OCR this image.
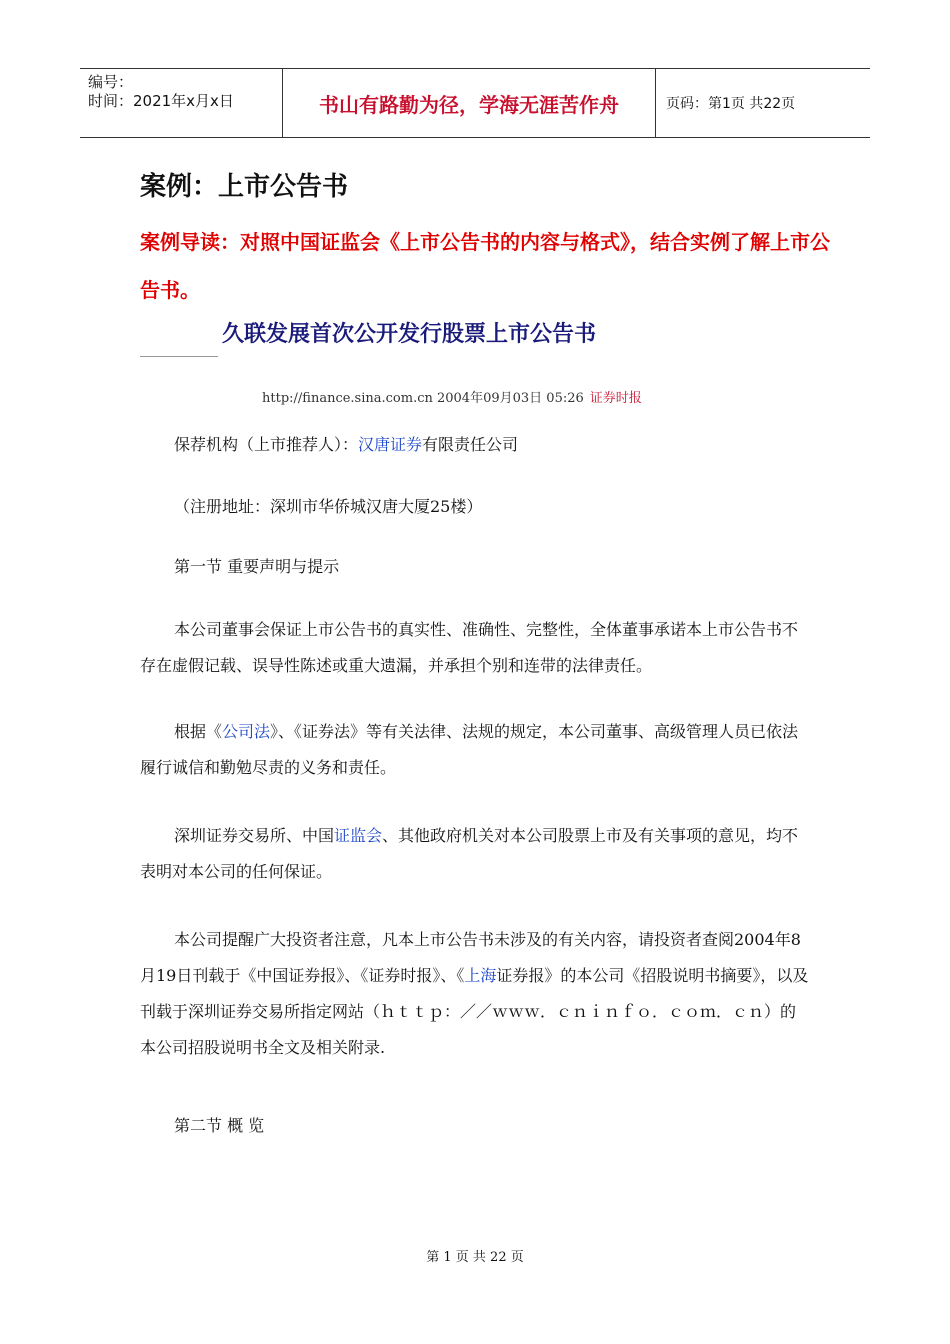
编号：
时间：2021年x月x日	书山有路勤为径，学海无涯苦作舟	页码：第1页 共22页
案例：上市公告书
案例导读：对照中国证监会《上市公告书的内容与格式》，结合实例了解上市公告书。
久联发展首次公开发行股票上市公告书
http://finance.sina.com.cn 2004年09月03日 05:26 证券时报
保荐机构（上市推荐人）：汉唐证券有限责任公司
（注册地址：深圳市华侨城汉唐大厦25楼）
第一节 重要声明与提示
本公司董事会保证上市公告书的真实性、准确性、完整性，全体董事承诺本上市公告书不存在虚假记载、误导性陈述或重大遗漏，并承担个别和连带的法律责任。
根据《公司法》、《证券法》等有关法律、法规的规定，本公司董事、高级管理人员已依法履行诚信和勤勉尽责的义务和责任。
深圳证券交易所、中国证监会、其他政府机关对本公司股票上市及有关事项的意见，均不表明对本公司的任何保证。
本公司提醒广大投资者注意，凡本上市公告书未涉及的有关内容，请投资者查阅2004年8月19日刊载于《中国证券报》、《证券时报》、《上海证券报》的本公司《招股说明书摘要》，以及刊载于深圳证券交易所指定网站（ｈｔｔｐ：／／ｗｗｗ．ｃｎｉｎｆｏ．ｃｏｍ．ｃｎ）的本公司招股说明书全文及相关附录.
第二节 概 览
第 1 页 共 22 页
